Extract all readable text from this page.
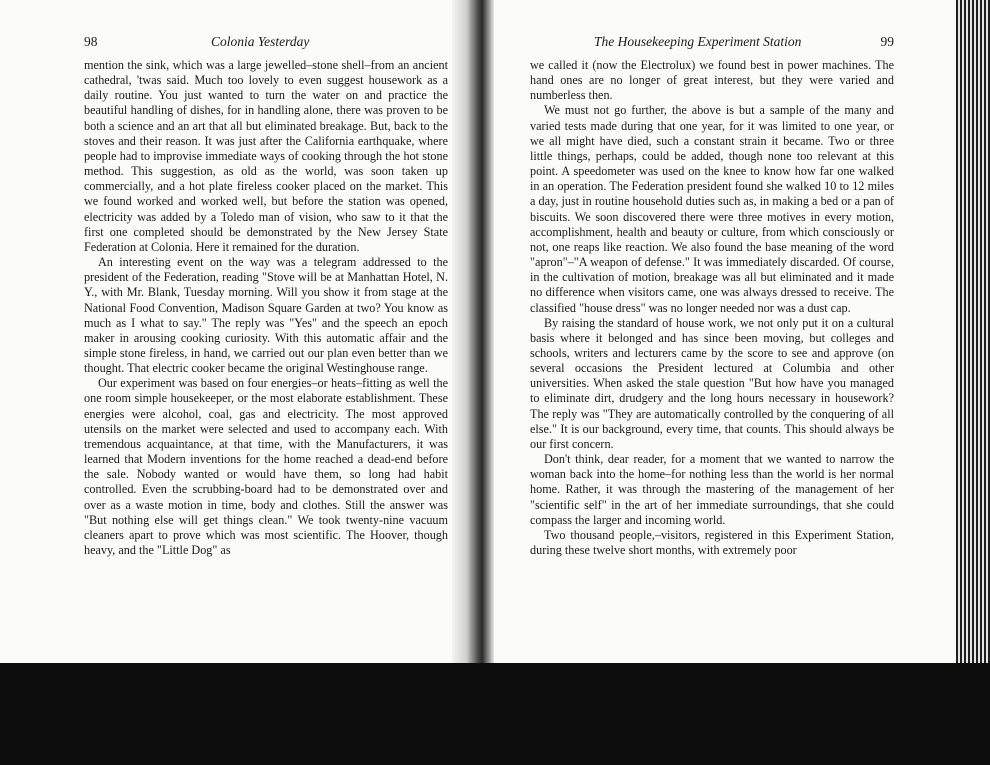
98	Colonia Yesterday

mention the sink, which was a large jewelled–stone shell–from an ancient cathedral, 'twas said. Much too lovely to even suggest housework as a daily routine. You just wanted to turn the water on and practice the beautiful handling of dishes, for in handling alone, there was proven to be both a science and an art that all but eliminated breakage. But, back to the stoves and their reason. It was just after the California earthquake, where people had to improvise immediate ways of cooking through the hot stone method. This suggestion, as old as the world, was soon taken up commercially, and a hot plate fireless cooker placed on the market. This we found worked and worked well, but before the station was opened, electricity was added by a Toledo man of vision, who saw to it that the first one completed should be demonstrated by the New Jersey State Federation at Colonia. Here it remained for the duration.

An interesting event on the way was a telegram addressed to the president of the Federation, reading "Stove will be at Manhattan Hotel, N. Y., with Mr. Blank, Tuesday morning. Will you show it from stage at the National Food Convention, Madison Square Garden at two? You know as much as I what to say." The reply was "Yes" and the speech an epoch maker in arousing cooking curiosity. With this automatic affair and the simple stone fireless, in hand, we carried out our plan even better than we thought. That electric cooker became the original Westinghouse range.

Our experiment was based on four energies–or heats–fitting as well the one room simple housekeeper, or the most elaborate establishment. These energies were alcohol, coal, gas and electricity. The most approved utensils on the market were selected and used to accompany each. With tremendous acquaintance, at that time, with the Manufacturers, it was learned that Modern inventions for the home reached a dead-end before the sale. Nobody wanted or would have them, so long had habit controlled. Even the scrubbing-board had to be demonstrated over and over as a waste motion in time, body and clothes. Still the answer was "But nothing else will get things clean." We took twenty-nine vacuum cleaners apart to prove which was most scientific. The Hoover, though heavy, and the "Little Dog" as

The Housekeeping Experiment Station	99

we called it (now the Electrolux) we found best in power machines. The hand ones are no longer of great interest, but they were varied and numberless then.

We must not go further, the above is but a sample of the many and varied tests made during that one year, for it was limited to one year, or we all might have died, such a constant strain it became. Two or three little things, perhaps, could be added, though none too relevant at this point. A speedometer was used on the knee to know how far one walked in an operation. The Federation president found she walked 10 to 12 miles a day, just in routine household duties such as, in making a bed or a pan of biscuits. We soon discovered there were three motives in every motion, accomplishment, health and beauty or culture, from which consciously or not, one reaps like reaction. We also found the base meaning of the word "apron"–"A weapon of defense." It was immediately discarded. Of course, in the cultivation of motion, breakage was all but eliminated and it made no difference when visitors came, one was always dressed to receive. The classified "house dress" was no longer needed nor was a dust cap.

By raising the standard of house work, we not only put it on a cultural basis where it belonged and has since been moving, but colleges and schools, writers and lecturers came by the score to see and approve (on several occasions the President lectured at Columbia and other universities. When asked the stale question "But how have you managed to eliminate dirt, drudgery and the long hours necessary in housework? The reply was "They are automatically controlled by the conquering of all else." It is our background, every time, that counts. This should always be our first concern.

Don't think, dear reader, for a moment that we wanted to narrow the woman back into the home–for nothing less than the world is her normal home. Rather, it was through the mastering of the management of her "scientific self" in the art of her immediate surroundings, that she could compass the larger and incoming world.

Two thousand people,–visitors, registered in this Experiment Station, during these twelve short months, with extremely poor
